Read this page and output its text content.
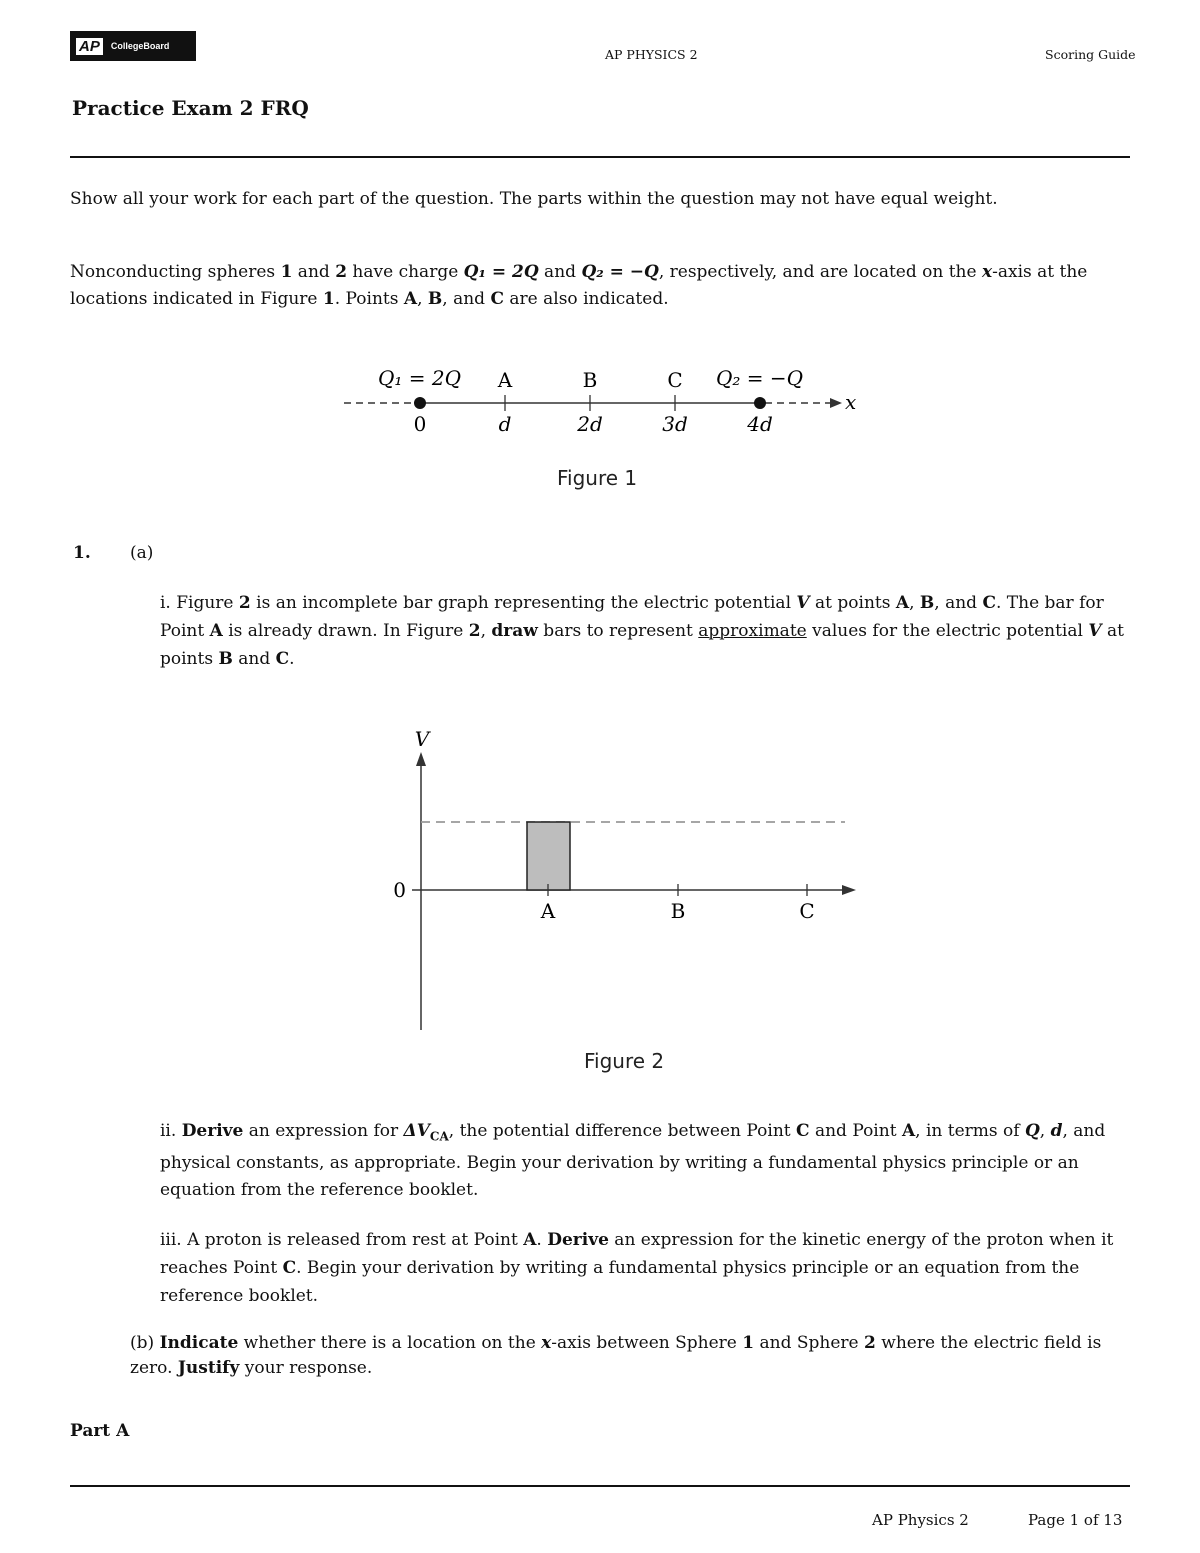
AP	CollegeBoard
AP PHYSICS 2	Scoring Guide
Practice Exam 2 FRQ
Show all your work for each part of the question. The parts within the question may not have equal weight.
Nonconducting spheres 1 and 2 have charge Q₁ = 2Q and Q₂ = −Q, respectively, and are located on the x-axis at the locations indicated in Figure 1. Points A, B, and C are also indicated.
x
Q₁ = 2Q	Q₂ = −Q
A	B	C
0	d	2d	3d	4d
Figure 1
1. (a)
i. Figure 2 is an incomplete bar graph representing the electric potential V at points A, B, and C. The bar for Point A is already drawn. In Figure 2, draw bars to represent approximate values for the electric potential V at points B and C.
V
0
A	B	C
Figure 2
ii. Derive an expression for $\Delta V_{CA}$, the potential difference between Point C and Point A, in terms of Q, d, and physical constants, as appropriate. Begin your derivation by writing a fundamental physics principle or an equation from the reference booklet.
iii. A proton is released from rest at Point A. Derive an expression for the kinetic energy of the proton when it reaches Point C. Begin your derivation by writing a fundamental physics principle or an equation from the reference booklet.
(b) Indicate whether there is a location on the x-axis between Sphere 1 and Sphere 2 where the electric field is zero. Justify your response.
Part A
AP Physics 2	Page 1 of 13
